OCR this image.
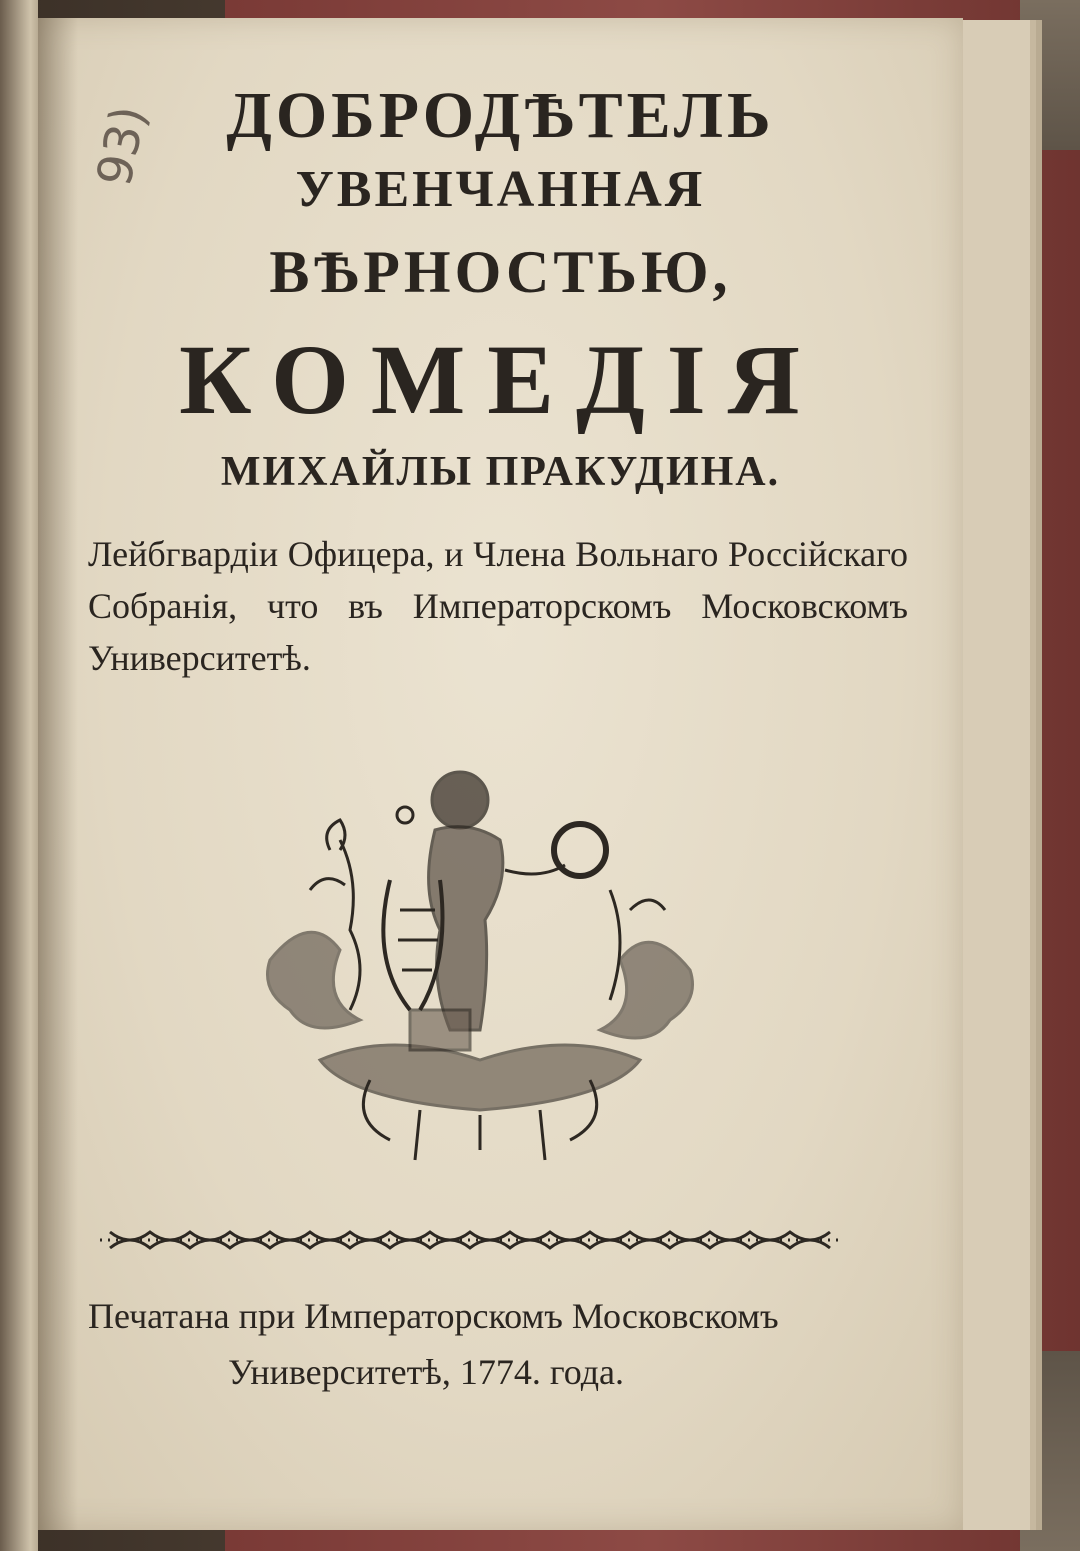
93)	ДОБРОДѢТЕЛЬ
УВЕНЧАННАЯ
ВѢРНОСТЬЮ,
КОМЕДІЯ
МИХАЙЛЫ ПРАКУДИНА.
Лейбгвардіи Офицера, и Члена Вольнаго Россійскаго Собранія, что въ Императорскомъ Московскомъ Университетѣ.
Печатана при Императорскомъ Московскомъ
Университетѣ, 1774. года.
